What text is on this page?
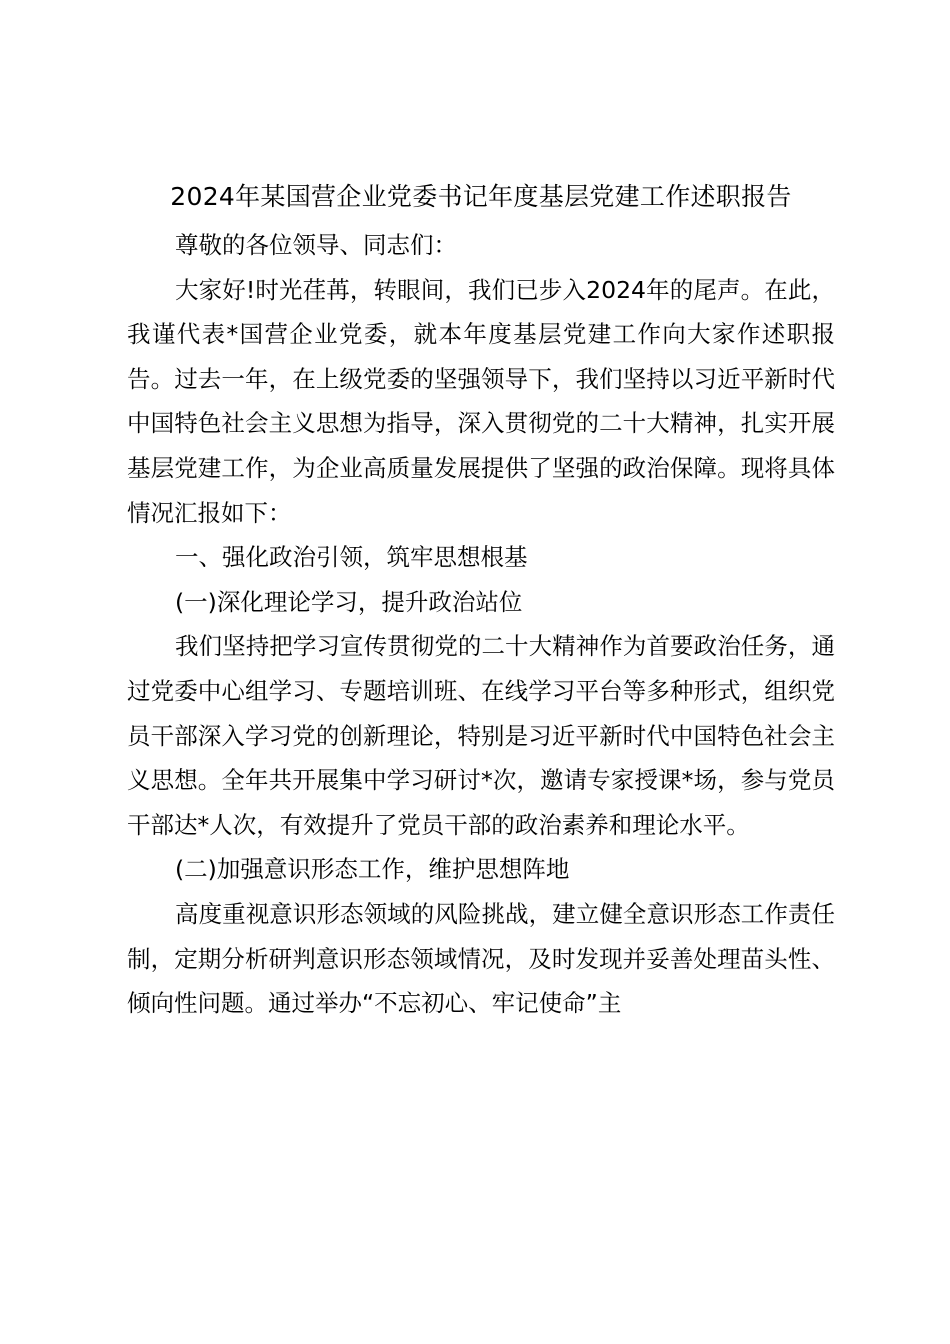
2024年某国营企业党委书记年度基层党建工作述职报告

尊敬的各位领导、同志们：

大家好!时光荏苒，转眼间，我们已步入2024年的尾声。在此，我谨代表*国营企业党委，就本年度基层党建工作向大家作述职报告。过去一年，在上级党委的坚强领导下，我们坚持以习近平新时代中国特色社会主义思想为指导，深入贯彻党的二十大精神，扎实开展基层党建工作，为企业高质量发展提供了坚强的政治保障。现将具体情况汇报如下：

一、强化政治引领，筑牢思想根基

(一)深化理论学习，提升政治站位

我们坚持把学习宣传贯彻党的二十大精神作为首要政治任务，通过党委中心组学习、专题培训班、在线学习平台等多种形式，组织党员干部深入学习党的创新理论，特别是习近平新时代中国特色社会主义思想。全年共开展集中学习研讨*次，邀请专家授课*场，参与党员干部达*人次，有效提升了党员干部的政治素养和理论水平。

(二)加强意识形态工作，维护思想阵地

高度重视意识形态领域的风险挑战，建立健全意识形态工作责任制，定期分析研判意识形态领域情况，及时发现并妥善处理苗头性、倾向性问题。通过举办“不忘初心、牢记使命”主
